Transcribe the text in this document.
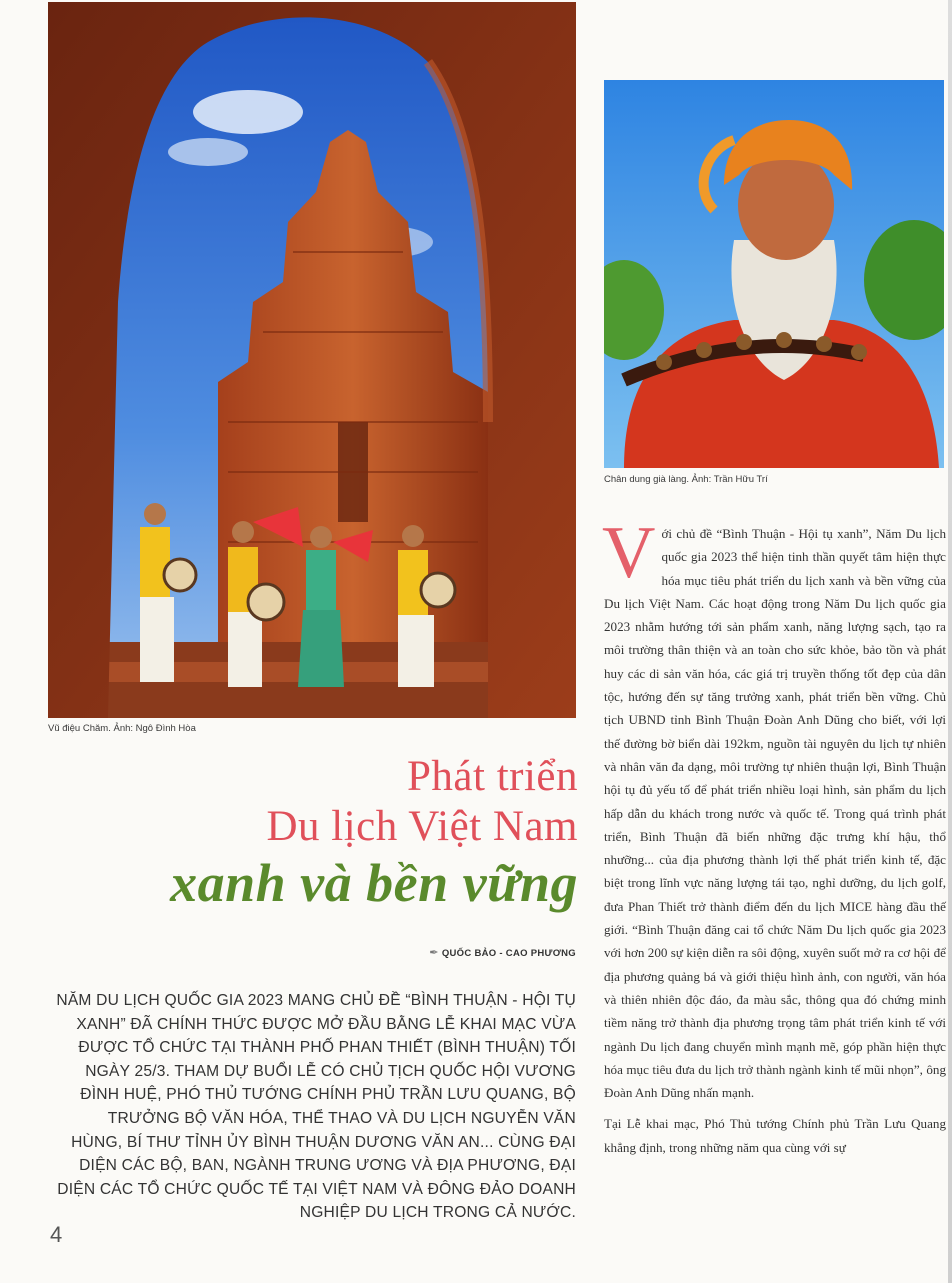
Vũ điệu Chăm. Ảnh: Ngô Đình Hòa
Chân dung già làng. Ảnh: Trần Hữu Trí
Phát triển
Du lịch Việt Nam
xanh và bền vững
✒ QUỐC BẢO - CAO PHƯƠNG
NĂM DU LỊCH QUỐC GIA 2023 MANG CHỦ ĐỀ “BÌNH THUẬN - HỘI TỤ XANH” ĐÃ CHÍNH THỨC ĐƯỢC MỞ ĐẦU BẰNG LỄ KHAI MẠC VỪA ĐƯỢC TỔ CHỨC TẠI THÀNH PHỐ PHAN THIẾT (BÌNH THUẬN) TỐI NGÀY 25/3. THAM DỰ BUỔI LỄ CÓ CHỦ TỊCH QUỐC HỘI VƯƠNG ĐÌNH HUỆ, PHÓ THỦ TƯỚNG CHÍNH PHỦ TRẦN LƯU QUANG, BỘ TRƯỞNG BỘ VĂN HÓA, THỂ THAO VÀ DU LỊCH NGUYỄN VĂN HÙNG, BÍ THƯ TỈNH ỦY BÌNH THUẬN DƯƠNG VĂN AN... CÙNG ĐẠI DIỆN CÁC BỘ, BAN, NGÀNH TRUNG ƯƠNG VÀ ĐỊA PHƯƠNG, ĐẠI DIỆN CÁC TỔ CHỨC QUỐC TẾ TẠI VIỆT NAM VÀ ĐÔNG ĐẢO DOANH NGHIỆP DU LỊCH TRONG CẢ NƯỚC.

Với chủ đề “Bình Thuận - Hội tụ xanh”, Năm Du lịch quốc gia 2023 thể hiện tinh thần quyết tâm hiện thực hóa mục tiêu phát triển du lịch xanh và bền vững của Du lịch Việt Nam. Các hoạt động trong Năm Du lịch quốc gia 2023 nhằm hướng tới sản phẩm xanh, năng lượng sạch, tạo ra môi trường thân thiện và an toàn cho sức khỏe, bảo tồn và phát huy các di sản văn hóa, các giá trị truyền thống tốt đẹp của dân tộc, hướng đến sự tăng trưởng xanh, phát triển bền vững. Chủ tịch UBND tỉnh Bình Thuận Đoàn Anh Dũng cho biết, với lợi thế đường bờ biển dài 192km, nguồn tài nguyên du lịch tự nhiên và nhân văn đa dạng, môi trường tự nhiên thuận lợi, Bình Thuận hội tụ đủ yếu tố để phát triển nhiều loại hình, sản phẩm du lịch hấp dẫn du khách trong nước và quốc tế. Trong quá trình phát triển, Bình Thuận đã biến những đặc trưng khí hậu, thổ nhưỡng... của địa phương thành lợi thế phát triển kinh tế, đặc biệt trong lĩnh vực năng lượng tái tạo, nghỉ dưỡng, du lịch golf, đưa Phan Thiết trở thành điểm đến du lịch MICE hàng đầu thế giới. “Bình Thuận đăng cai tổ chức Năm Du lịch quốc gia 2023 với hơn 200 sự kiện diễn ra sôi động, xuyên suốt mở ra cơ hội để địa phương quảng bá và giới thiệu hình ảnh, con người, văn hóa và thiên nhiên độc đáo, đa màu sắc, thông qua đó chứng minh tiềm năng trở thành địa phương trọng tâm phát triển kinh tế với ngành Du lịch đang chuyển mình mạnh mẽ, góp phần hiện thực hóa mục tiêu đưa du lịch trở thành ngành kinh tế mũi nhọn”, ông Đoàn Anh Dũng nhấn mạnh.

Tại Lễ khai mạc, Phó Thủ tướng Chính phủ Trần Lưu Quang khẳng định, trong những năm qua cùng với sự

4
